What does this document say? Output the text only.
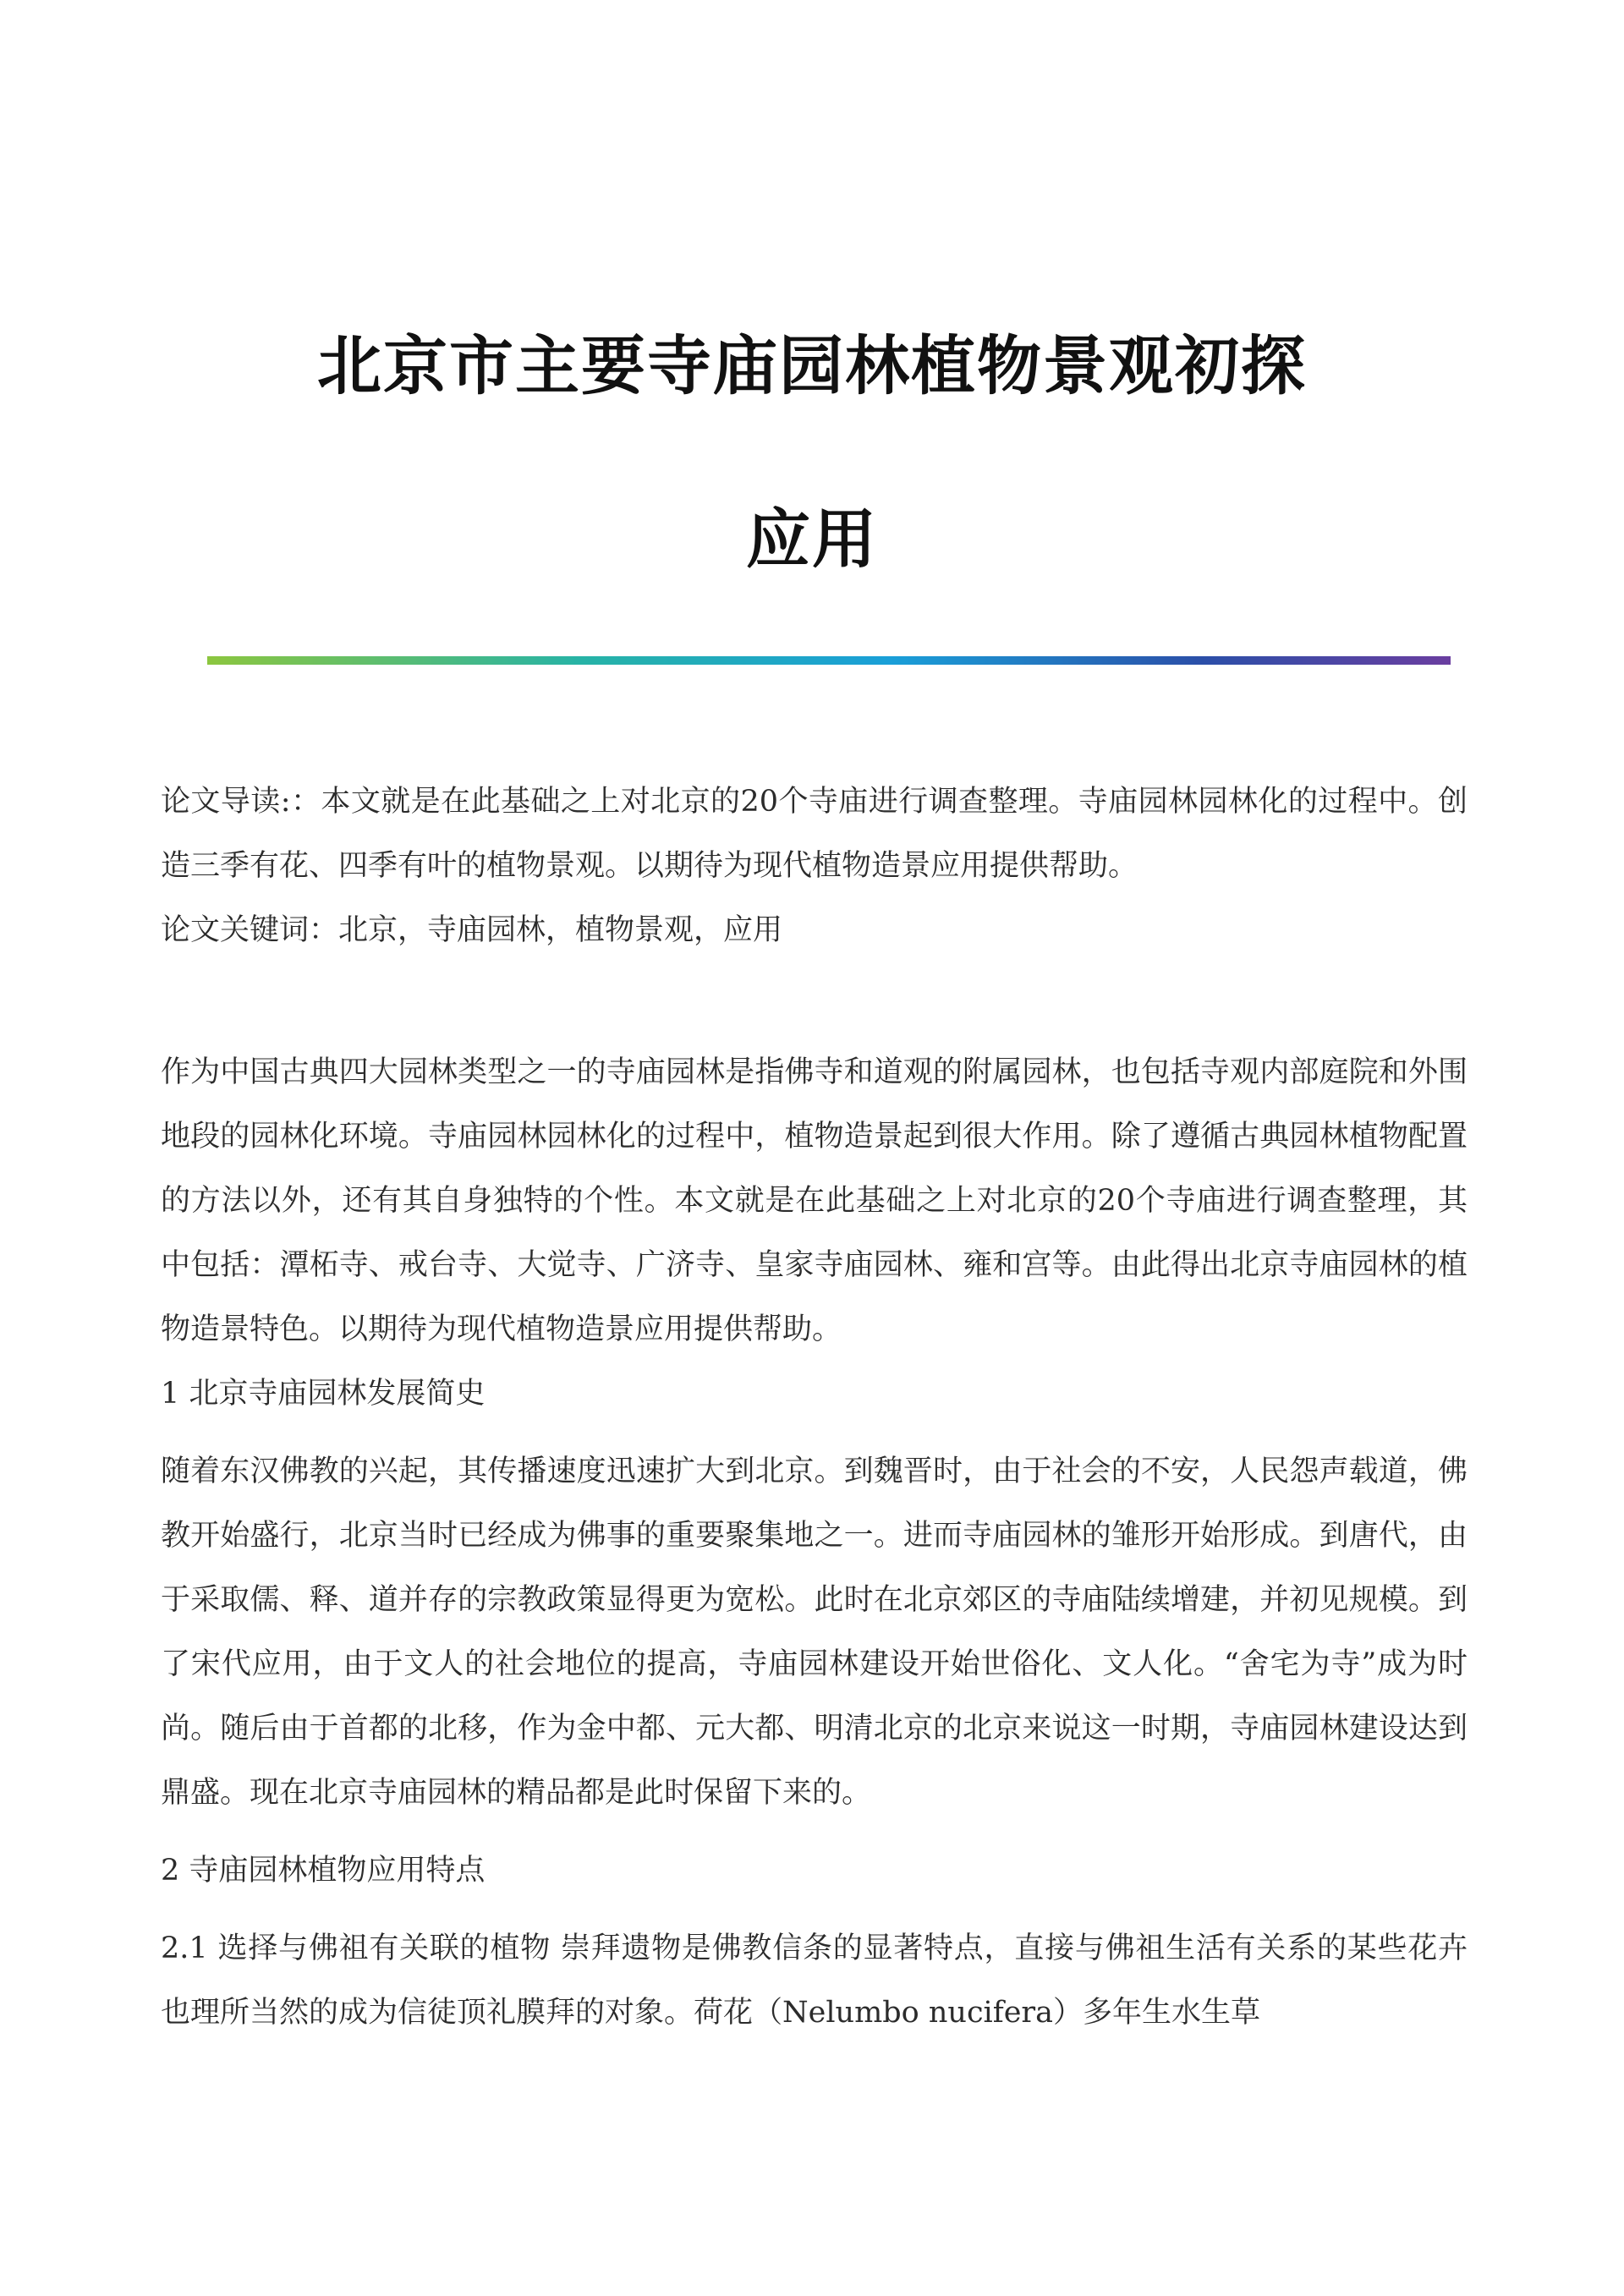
北京市主要寺庙园林植物景观初探
应用

论文导读:：本文就是在此基础之上对北京的20个寺庙进行调查整理。寺庙园林园林化的过程中。创造三季有花、四季有叶的植物景观。以期待为现代植物造景应用提供帮助。

论文关键词：北京，寺庙园林，植物景观，应用

作为中国古典四大园林类型之一的寺庙园林是指佛寺和道观的附属园林，也包括寺观内部庭院和外围地段的园林化环境。寺庙园林园林化的过程中，植物造景起到很大作用。除了遵循古典园林植物配置的方法以外，还有其自身独特的个性。本文就是在此基础之上对北京的20个寺庙进行调查整理，其中包括：潭柘寺、戒台寺、大觉寺、广济寺、皇家寺庙园林、雍和宫等。由此得出北京寺庙园林的植物造景特色。以期待为现代植物造景应用提供帮助。

1 北京寺庙园林发展简史

随着东汉佛教的兴起，其传播速度迅速扩大到北京。到魏晋时，由于社会的不安，人民怨声载道，佛教开始盛行，北京当时已经成为佛事的重要聚集地之一。进而寺庙园林的雏形开始形成。到唐代，由于采取儒、释、道并存的宗教政策显得更为宽松。此时在北京郊区的寺庙陆续增建，并初见规模。到了宋代应用，由于文人的社会地位的提高，寺庙园林建设开始世俗化、文人化。“舍宅为寺”成为时尚。随后由于首都的北移，作为金中都、元大都、明清北京的北京来说这一时期，寺庙园林建设达到鼎盛。现在北京寺庙园林的精品都是此时保留下来的。

2 寺庙园林植物应用特点

2.1 选择与佛祖有关联的植物 崇拜遗物是佛教信条的显著特点，直接与佛祖生活有关系的某些花卉也理所当然的成为信徒顶礼膜拜的对象。荷花（Nelumbo nucifera）多年生水生草
